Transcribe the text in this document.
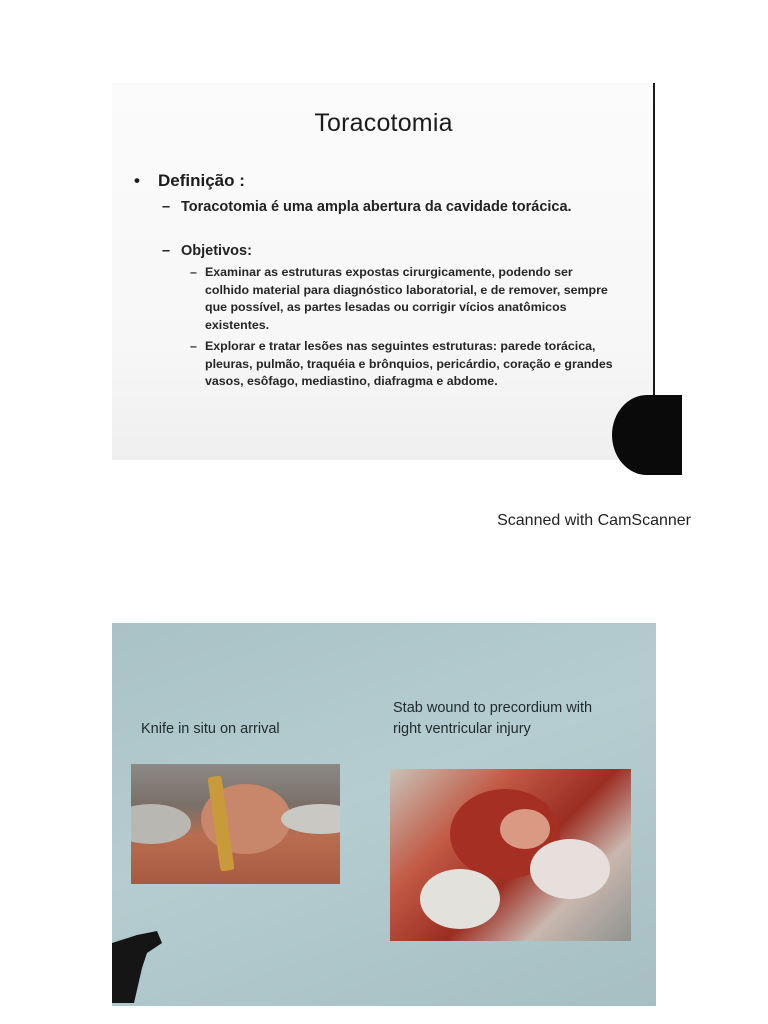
Toracotomia
• Definição :
– Toracotomia é uma ampla abertura da cavidade torácica.
– Objetivos:
– Examinar as estruturas expostas cirurgicamente, podendo ser colhido material para diagnóstico laboratorial, e de remover, sempre que possível, as partes lesadas ou corrigir vícios anatômicos existentes.
– Explorar e tratar lesões nas seguintes estruturas: parede torácica, pleuras, pulmão, traquéia e brônquios, pericárdio, coração e grandes vasos, esôfago, mediastino, diafragma e abdome.
Scanned with CamScanner
Knife in situ on arrival
Stab wound to precordium with right ventricular injury
